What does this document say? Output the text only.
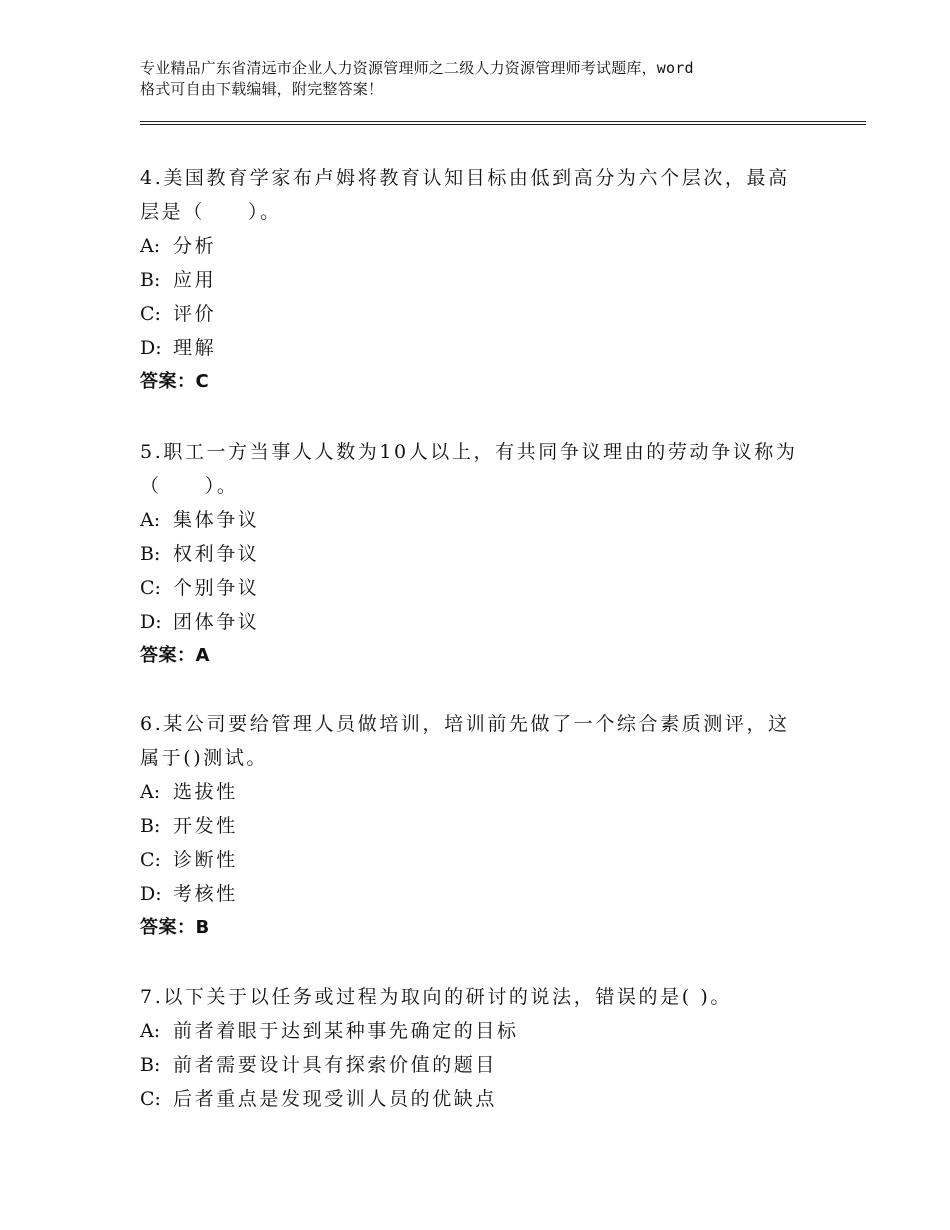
专业精品广东省清远市企业人力资源管理师之二级人力资源管理师考试题库，word
格式可自由下载编辑，附完整答案！
4.美国教育学家布卢姆将教育认知目标由低到高分为六个层次，最高
层是（　　）。
A: 分析
B: 应用
C: 评价
D: 理解
答案：C
5.职工一方当事人人数为10人以上，有共同争议理由的劳动争议称为
（　　）。
A: 集体争议
B: 权利争议
C: 个别争议
D: 团体争议
答案：A
6.某公司要给管理人员做培训，培训前先做了一个综合素质测评，这
属于()测试。
A: 选拔性
B: 开发性
C: 诊断性
D: 考核性
答案：B
7.以下关于以任务或过程为取向的研讨的说法，错误的是( )。
A: 前者着眼于达到某种事先确定的目标
B: 前者需要设计具有探索价值的题目
C: 后者重点是发现受训人员的优缺点
